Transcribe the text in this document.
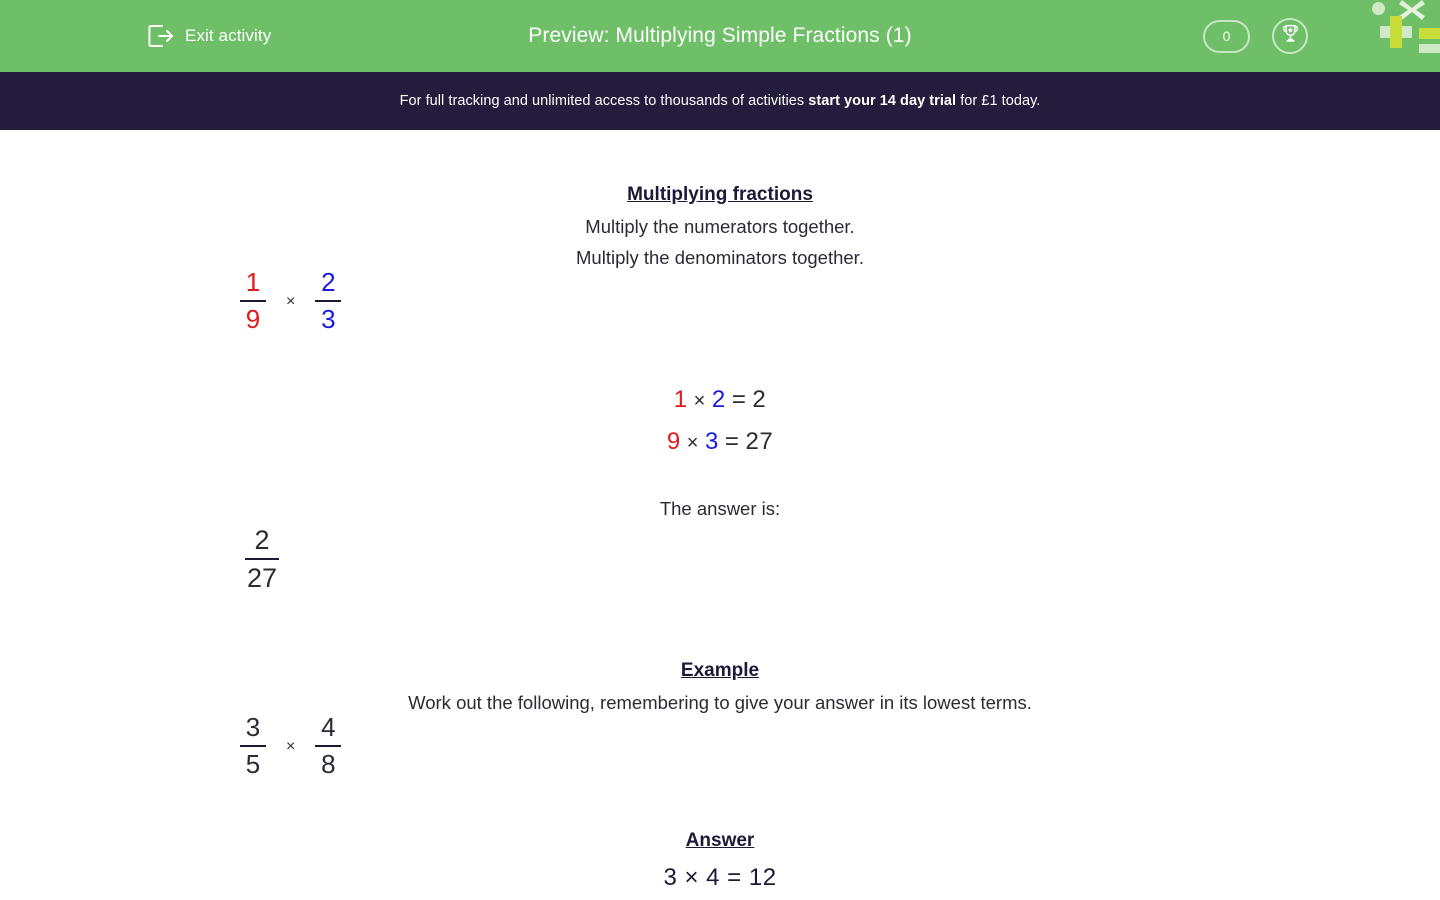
Exit activity	Preview: Multiplying Simple Fractions (1)	0
For full tracking and unlimited access to thousands of activities start your 14 day trial for £1 today.
Multiplying fractions
Multiply the numerators together.
Multiply the denominators together.
$\frac{1}{9} \times \frac{2}{3}$
1 × 2 = 2
9 × 3 = 27
The answer is:
$\frac{2}{27}$
Example
Work out the following, remembering to give your answer in its lowest terms.
$\frac{3}{5} \times \frac{4}{8}$
Answer
3 × 4 = 12
